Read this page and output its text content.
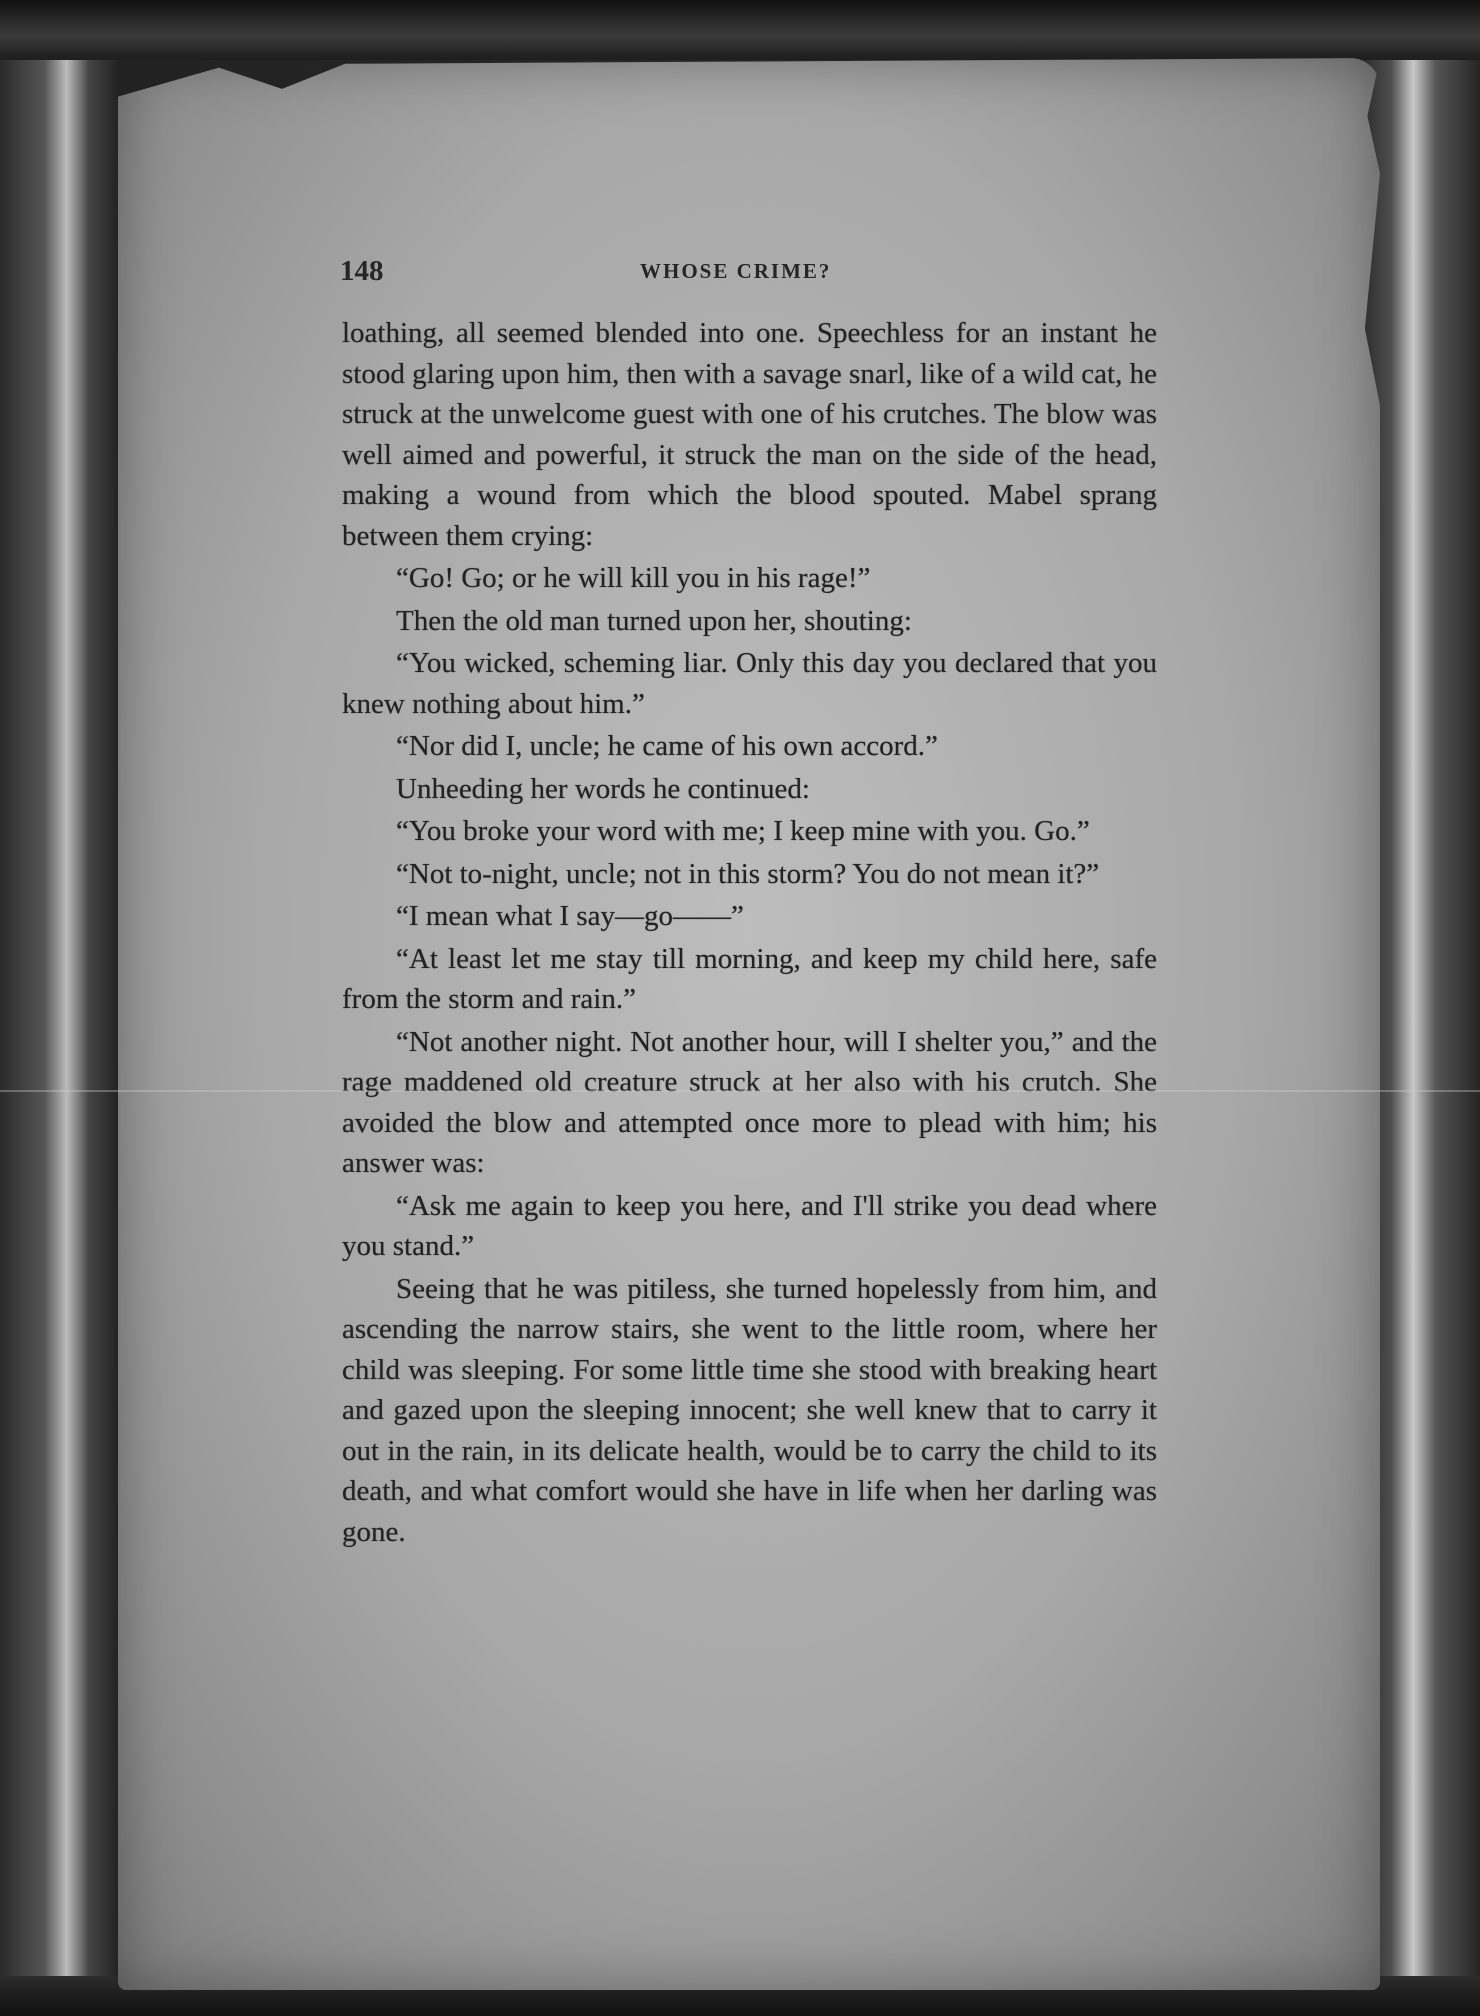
148	WHOSE CRIME?

loathing, all seemed blended into one. Speechless for an instant he stood glaring upon him, then with a savage snarl, like of a wild cat, he struck at the unwelcome guest with one of his crutches. The blow was well aimed and powerful, it struck the man on the side of the head, making a wound from which the blood spouted. Mabel sprang between them crying:

“Go! Go; or he will kill you in his rage!”

Then the old man turned upon her, shouting:

“You wicked, scheming liar. Only this day you declared that you knew nothing about him.”

“Nor did I, uncle; he came of his own accord.”

Unheeding her words he continued:

“You broke your word with me; I keep mine with you. Go.”

“Not to-night, uncle; not in this storm? You do not mean it?”

“I mean what I say—go——”

“At least let me stay till morning, and keep my child here, safe from the storm and rain.”

“Not another night. Not another hour, will I shelter you,” and the rage maddened old creature struck at her also with his crutch. She avoided the blow and attempted once more to plead with him; his answer was:

“Ask me again to keep you here, and I'll strike you dead where you stand.”

Seeing that he was pitiless, she turned hopelessly from him, and ascending the narrow stairs, she went to the little room, where her child was sleeping. For some little time she stood with breaking heart and gazed upon the sleeping innocent; she well knew that to carry it out in the rain, in its delicate health, would be to carry the child to its death, and what comfort would she have in life when her darling was gone.
